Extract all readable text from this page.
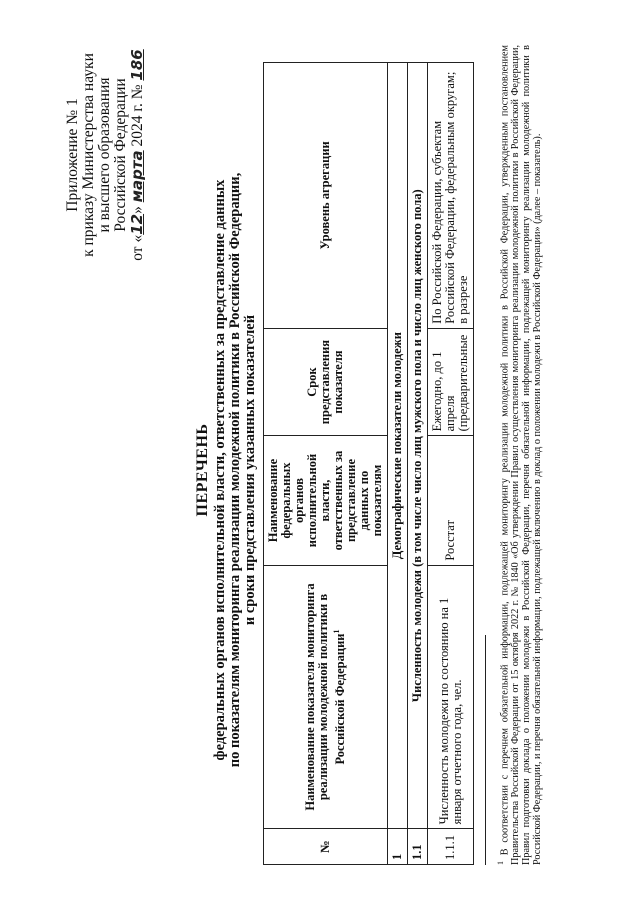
Приложение № 1 к приказу Министерства науки и высшего образования Российской Федерации
от «12» марта 2024 г. № 186
ПЕРЕЧЕНЬ федеральных органов исполнительной власти, ответственных за представление данных по показателям мониторинга реализации молодежной политики в Российской Федерации, и сроки представления указанных показателей
№	Наименование показателя мониторинга реализации молодежной политики в Российской Федерации$^1$	Наименование федеральных органов исполнительной власти, ответственных за представление данных по показателям	Срок представления показателя	Уровень агрегации
1	Демографические показатели молодежи			
1.1	Численность молодежи (в том числе число лиц мужского пола и число лиц женского пола)			
1.1.1	Численность молодежи по состоянию на 1 января отчетного года, чел.	Росстат	Ежегодно, до 1 апреля (предварительные	По Российской Федерации, субъектам Российской Федерации, федеральным округам; в разрезе
$^1$ В соответствии с перечнем обязательной информации, подлежащей мониторингу реализации молодежной политики в Российской Федерации, утвержденным постановлением Правительства Российской Федерации от 15 октября 2022 г. № 1840 «Об утверждении Правил осуществления мониторинга реализации молодежной политики в Российской Федерации, Правил подготовки доклада о положении молодежи в Российской Федерации, перечня обязательной информации, подлежащей мониторингу реализации молодежной политики в Российской Федерации, и перечня обязательной информации, подлежащей включению в доклад о положении молодежи в Российской Федерации» (далее – показатель).
